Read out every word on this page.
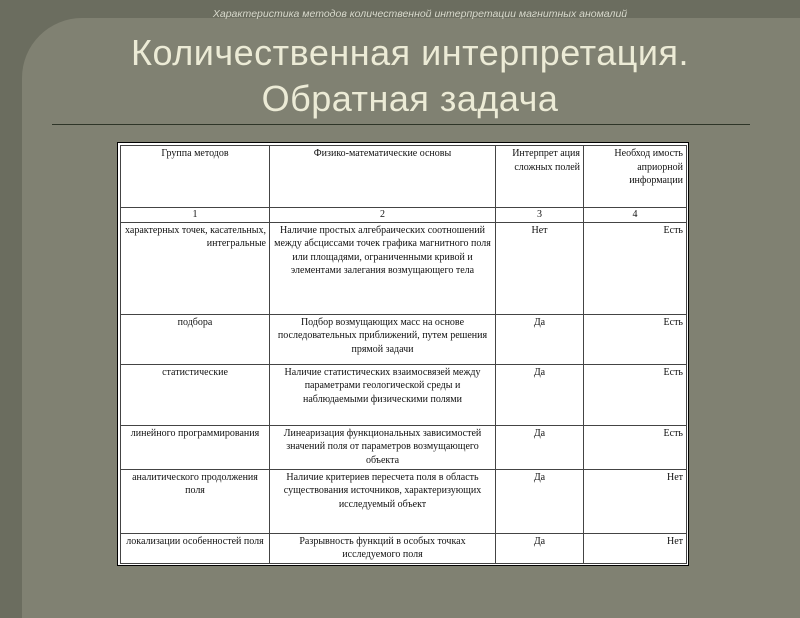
Характеристика методов количественной интерпретации магнитных аномалий
Количественная интерпретация.
Обратная задача
Группа методов	Физико-математические основы	Интерпрет ация сложных полей	Необход имость априорной информации
1	2	3	4
характерных точек, касательных, интегральные	Наличие простых алгебраических соотношений между абсциссами точек графика магнитного поля или площадями, ограниченными кривой и элементами залегания возмущающего тела	Нет	Есть
подбора	Подбор возмущающих масс на основе последовательных приближений, путем решения прямой задачи	Да	Есть
статистические	Наличие статистических взаимосвязей между параметрами геологической среды и наблюдаемыми физическими полями	Да	Есть
линейного программирования	Линеаризация функциональных зависимостей значений поля от параметров возмущающего объекта	Да	Есть
аналитического продолжения поля	Наличие критериев пересчета поля в область существования источников, характеризующих исследуемый объект	Да	Нет
локализации особенностей поля	Разрывность функций в особых точках исследуемого поля	Да	Нет
